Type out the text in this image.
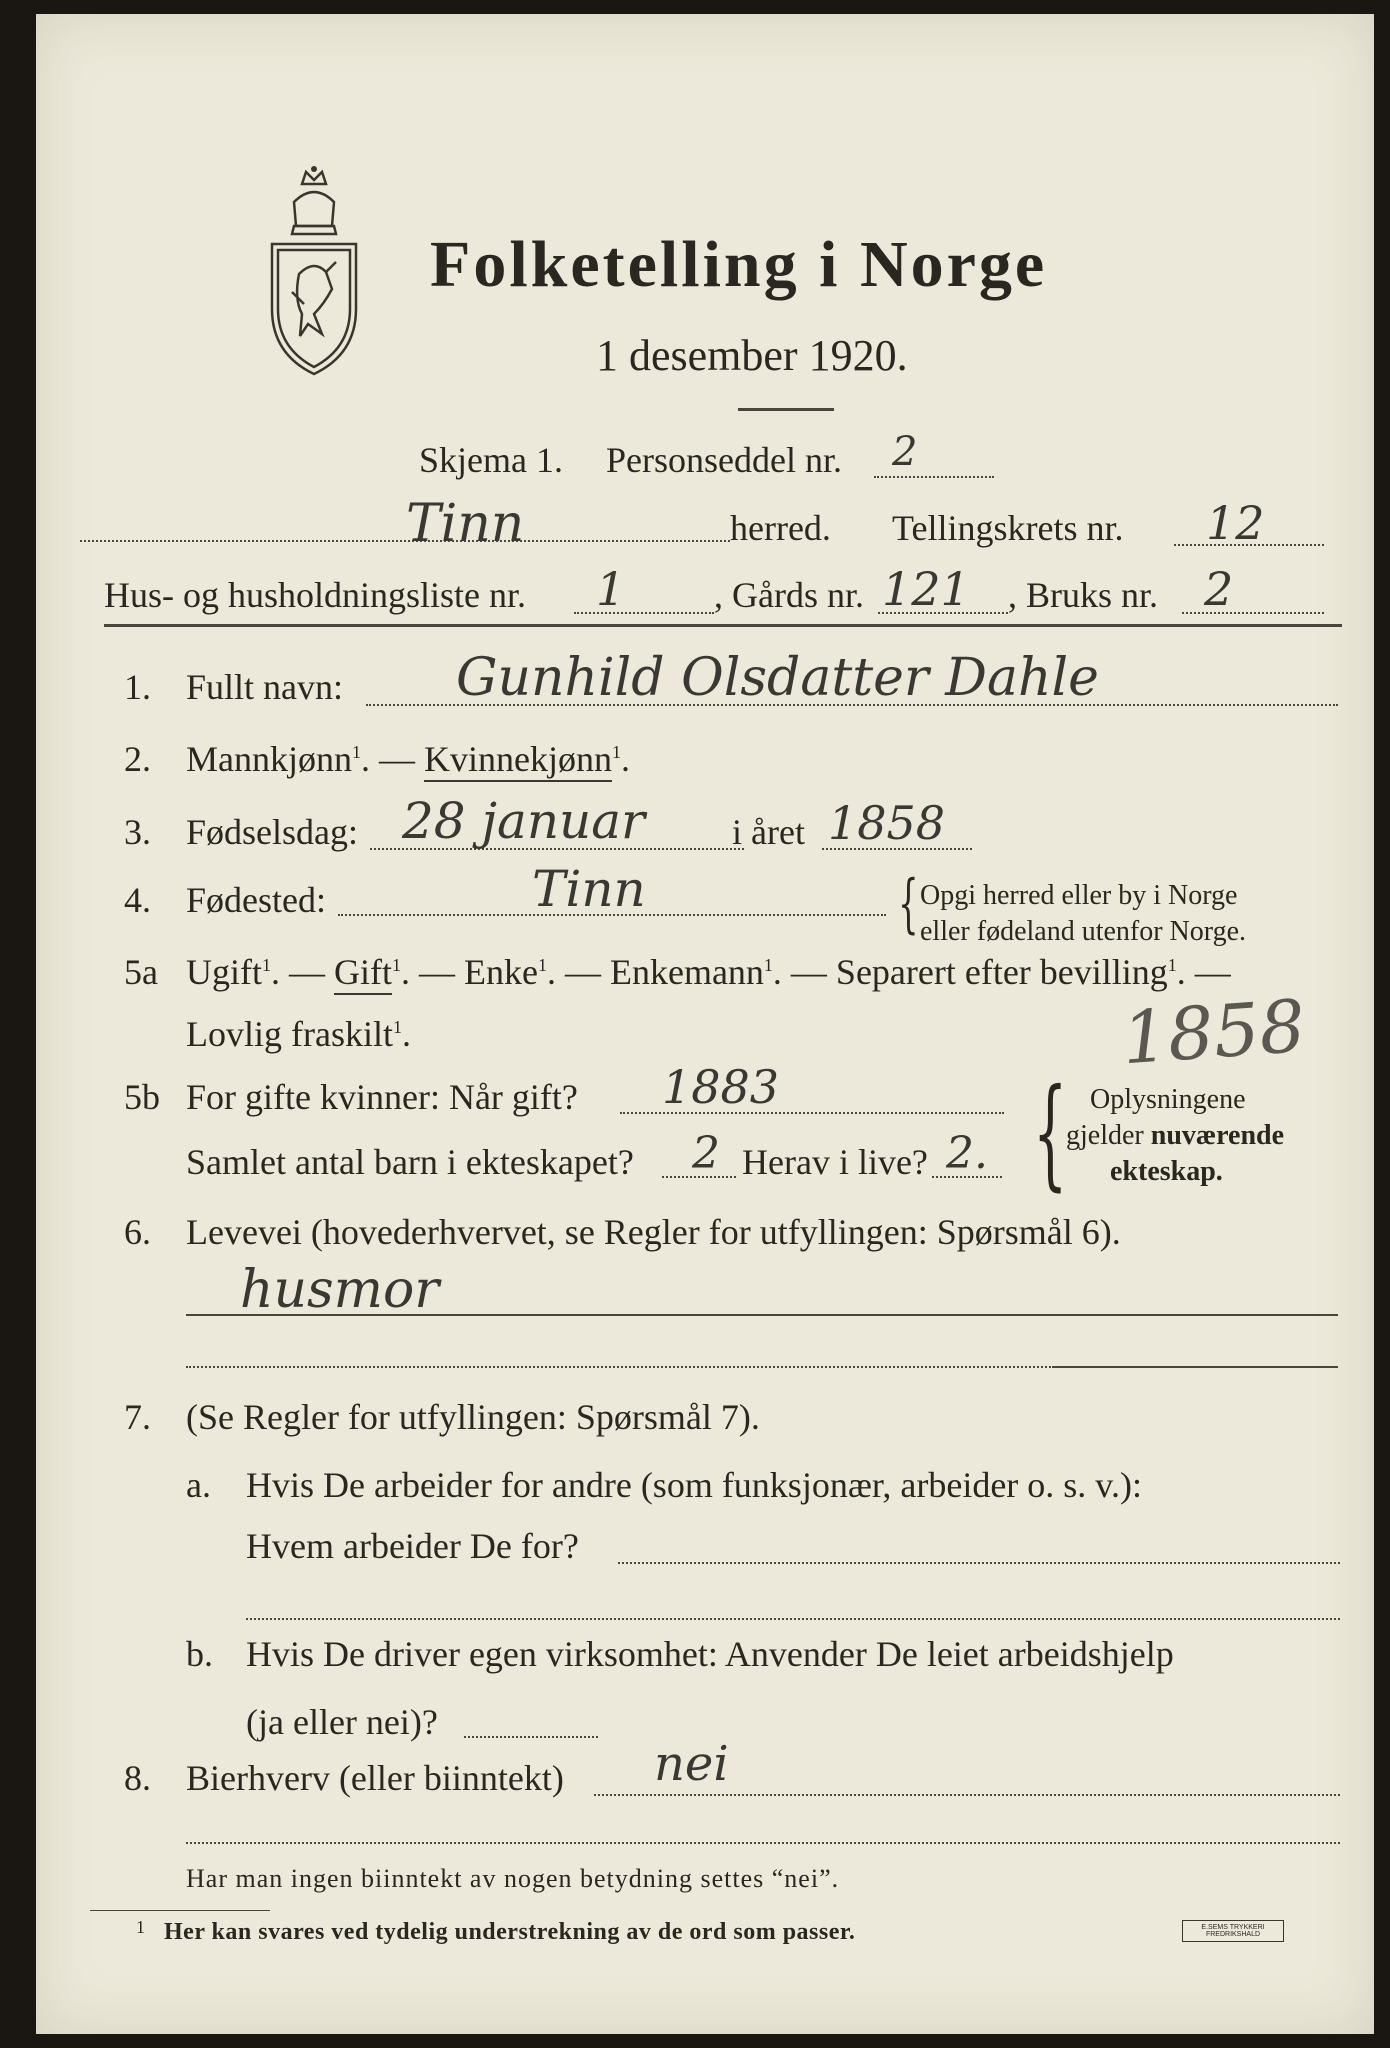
Folketelling i Norge
1 desember 1920.
Skjema 1. Personseddel nr. 2
Tinn	herred. Tellingskrets nr. 12
Hus- og husholdningsliste nr. 1 , Gårds nr. 121 , Bruks nr. 2
1. Fullt navn: Gunhild Olsdatter Dahle
2. Mannkjønn$^1$. — Kvinnekjønn$^1$.
3. Fødselsdag: 28 januar i året 1858
4. Fødested:	Tinn	{ Opgi herred eller by i Norge
eller fødeland utenfor Norge.
5a Ugift$^1$. — Gift$^1$. — Enke$^1$. — Enkemann$^1$. — Separert efter bevilling$^1$. —
Lovlig fraskilt$^1$.	1858
5b For gifte kvinner: Når gift? 1883
Samlet antal barn i ekteskapet? 2 Herav i live? 2. { Oplysningene
gjelder nuværende
ekteskap.
6. Levevei (hovederhvervet, se Regler for utfyllingen: Spørsmål 6).
husmor
7. (Se Regler for utfyllingen: Spørsmål 7).
a. Hvis De arbeider for andre (som funksjonær, arbeider o. s. v.):
Hvem arbeider De for?
b. Hvis De driver egen virksomhet: Anvender De leiet arbeidshjelp
(ja eller nei)?
8. Bierhverv (eller biinntekt) nei
Har man ingen biinntekt av nogen betydning settes “nei”.
1 Her kan svares ved tydelig understrekning av de ord som passer.	E.SEMS TRYKKERI FREDRIKSHALD
